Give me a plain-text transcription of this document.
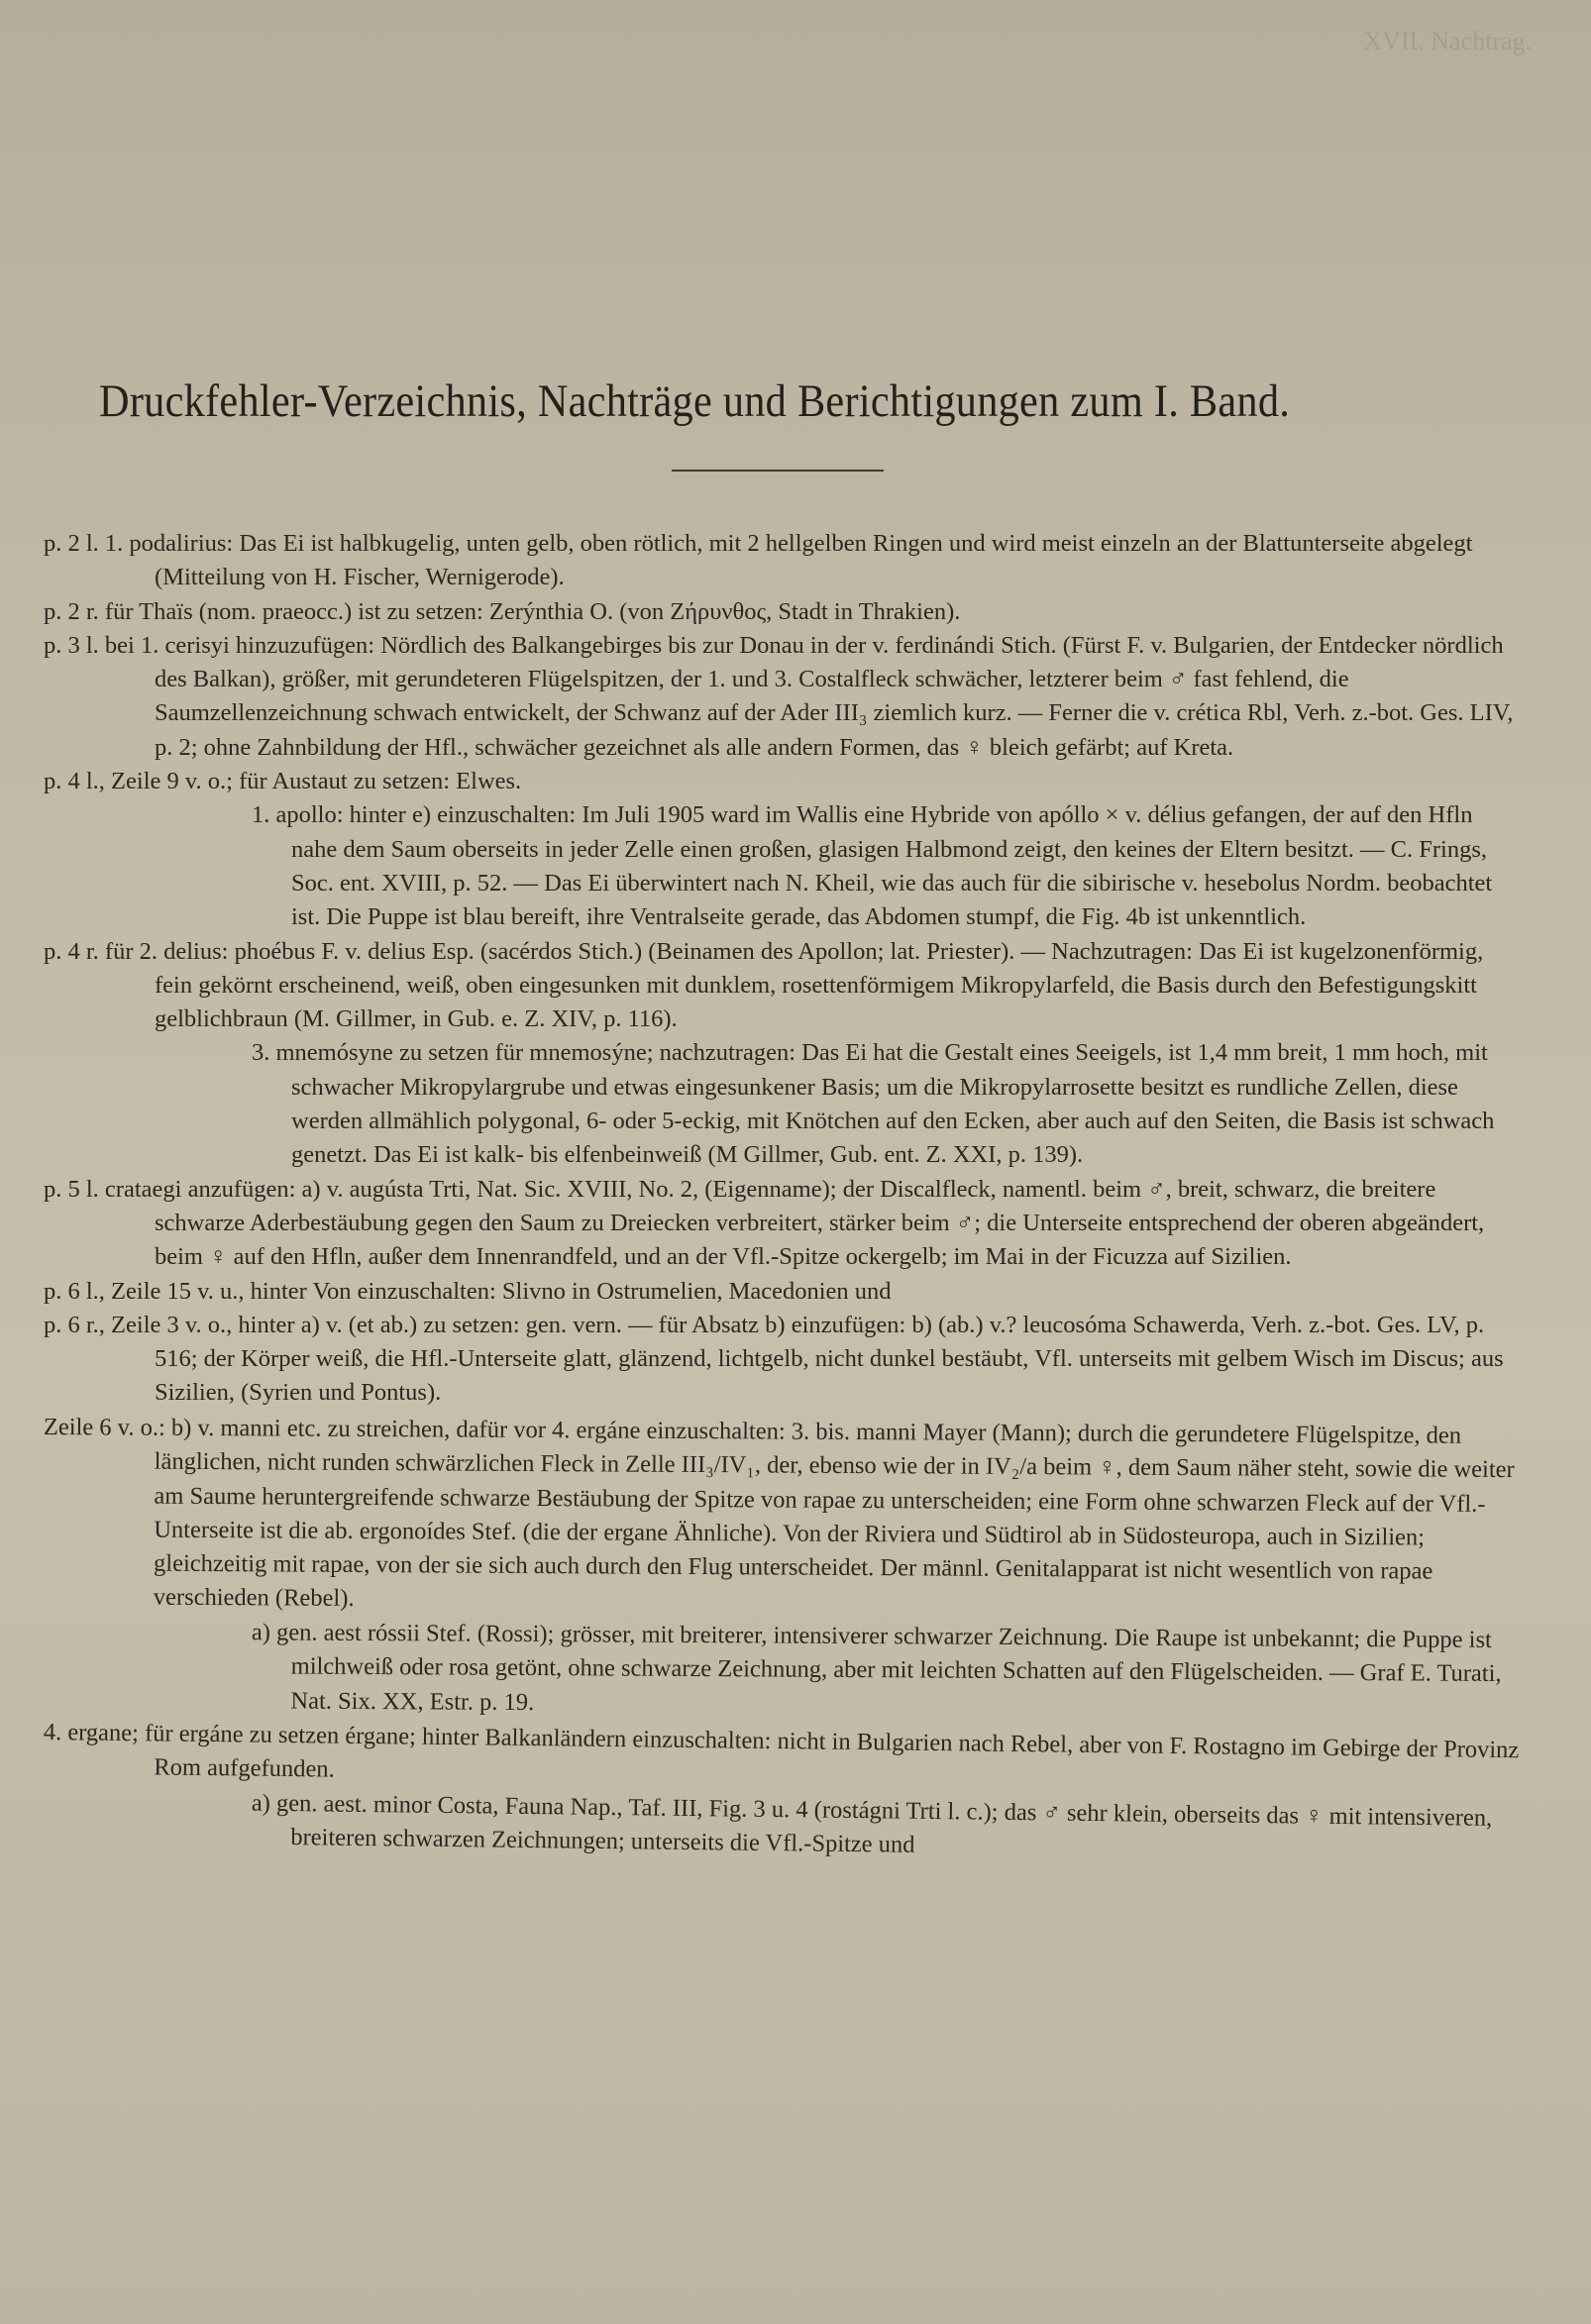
XVII. Nachtrag.
Druckfehler-Verzeichnis, Nachträge und Berichtigungen zum I. Band.

p. 2 l. 1. podalirius: Das Ei ist halbkugelig, unten gelb, oben rötlich, mit 2 hellgelben Ringen und wird meist einzeln an der Blattunterseite abgelegt (Mitteilung von H. Fischer, Wernigerode).

p. 2 r. für Thaïs (nom. praeocc.) ist zu setzen: Zerýnthia O. (von Ζήρυνθος, Stadt in Thrakien).

p. 3 l. bei 1. cerisyi hinzuzufügen: Nördlich des Balkangebirges bis zur Donau in der v. ferdinándi Stich. (Fürst F. v. Bulgarien, der Entdecker nördlich des Balkan), größer, mit gerundeteren Flügelspitzen, der 1. und 3. Costalfleck schwächer, letzterer beim ♂ fast fehlend, die Saumzellenzeichnung schwach entwickelt, der Schwanz auf der Ader III₃ ziemlich kurz. — Ferner die v. crética Rbl, Verh. z.-bot. Ges. LIV, p. 2; ohne Zahnbildung der Hfl., schwächer gezeichnet als alle andern Formen, das ♀ bleich gefärbt; auf Kreta.

p. 4 l., Zeile 9 v. o.; für Austaut zu setzen: Elwes.

1. apollo: hinter e) einzuschalten: Im Juli 1905 ward im Wallis eine Hybride von apóllo × v. délius gefangen, der auf den Hfln nahe dem Saum oberseits in jeder Zelle einen großen, glasigen Halbmond zeigt, den keines der Eltern besitzt. — C. Frings, Soc. ent. XVIII, p. 52. — Das Ei überwintert nach N. Kheil, wie das auch für die sibirische v. hesebolus Nordm. beobachtet ist. Die Puppe ist blau bereift, ihre Ventralseite gerade, das Abdomen stumpf, die Fig. 4b ist unkenntlich.

p. 4 r. für 2. delius: phoébus F. v. delius Esp. (sacérdos Stich.) (Beinamen des Apollon; lat. Priester). — Nachzutragen: Das Ei ist kugelzonenförmig, fein gekörnt erscheinend, weiß, oben eingesunken mit dunklem, rosettenförmigem Mikropylarfeld, die Basis durch den Befestigungskitt gelblichbraun (M. Gillmer, in Gub. e. Z. XIV, p. 116).

3. mnemósyne zu setzen für mnemosýne; nachzutragen: Das Ei hat die Gestalt eines Seeigels, ist 1,4 mm breit, 1 mm hoch, mit schwacher Mikropylargrube und etwas eingesunkener Basis; um die Mikropylarrosette besitzt es rundliche Zellen, diese werden allmählich polygonal, 6- oder 5-eckig, mit Knötchen auf den Ecken, aber auch auf den Seiten, die Basis ist schwach genetzt. Das Ei ist kalk- bis elfenbeinweiß (M Gillmer, Gub. ent. Z. XXI, p. 139).

p. 5 l. crataegi anzufügen: a) v. augústa Trti, Nat. Sic. XVIII, No. 2, (Eigenname); der Discalfleck, namentl. beim ♂, breit, schwarz, die breitere schwarze Aderbestäubung gegen den Saum zu Dreiecken verbreitert, stärker beim ♂; die Unterseite entsprechend der oberen abgeändert, beim ♀ auf den Hfln, außer dem Innenrandfeld, und an der Vfl.-Spitze ockergelb; im Mai in der Ficuzza auf Sizilien.

p. 6 l., Zeile 15 v. u., hinter Von einzuschalten: Slivno in Ostrumelien, Macedonien und

p. 6 r., Zeile 3 v. o., hinter a) v. (et ab.) zu setzen: gen. vern. — für Absatz b) einzufügen: b) (ab.) v.? leucosóma Schawerda, Verh. z.-bot. Ges. LV, p. 516; der Körper weiß, die Hfl.-Unterseite glatt, glänzend, lichtgelb, nicht dunkel bestäubt, Vfl. unterseits mit gelbem Wisch im Discus; aus Sizilien, (Syrien und Pontus).

Zeile 6 v. o.: b) v. manni etc. zu streichen, dafür vor 4. ergáne einzuschalten: 3. bis. manni Mayer (Mann); durch die gerundetere Flügelspitze, den länglichen, nicht runden schwärzlichen Fleck in Zelle III₃/IV₁, der, ebenso wie der in IV₂/a beim ♀, dem Saum näher steht, sowie die weiter am Saume heruntergreifende schwarze Bestäubung der Spitze von rapae zu unterscheiden; eine Form ohne schwarzen Fleck auf der Vfl.-Unterseite ist die ab. ergonoídes Stef. (die der ergane Ähnliche). Von der Riviera und Südtirol ab in Südosteuropa, auch in Sizilien; gleichzeitig mit rapae, von der sie sich auch durch den Flug unterscheidet. Der männl. Genitalapparat ist nicht wesentlich von rapae verschieden (Rebel).

a) gen. aest róssii Stef. (Rossi); grösser, mit breiterer, intensiverer schwarzer Zeichnung. Die Raupe ist unbekannt; die Puppe ist milchweiß oder rosa getönt, ohne schwarze Zeichnung, aber mit leichten Schatten auf den Flügelscheiden. — Graf E. Turati, Nat. Six. XX, Estr. p. 19.

4. ergane; für ergáne zu setzen érgane; hinter Balkanländern einzuschalten: nicht in Bulgarien nach Rebel, aber von F. Rostagno im Gebirge der Provinz Rom aufgefunden.

a) gen. aest. minor Costa, Fauna Nap., Taf. III, Fig. 3 u. 4 (rostágni Trti l. c.); das ♂ sehr klein, oberseits das ♀ mit intensiveren, breiteren schwarzen Zeichnungen; unterseits die Vfl.-Spitze und
